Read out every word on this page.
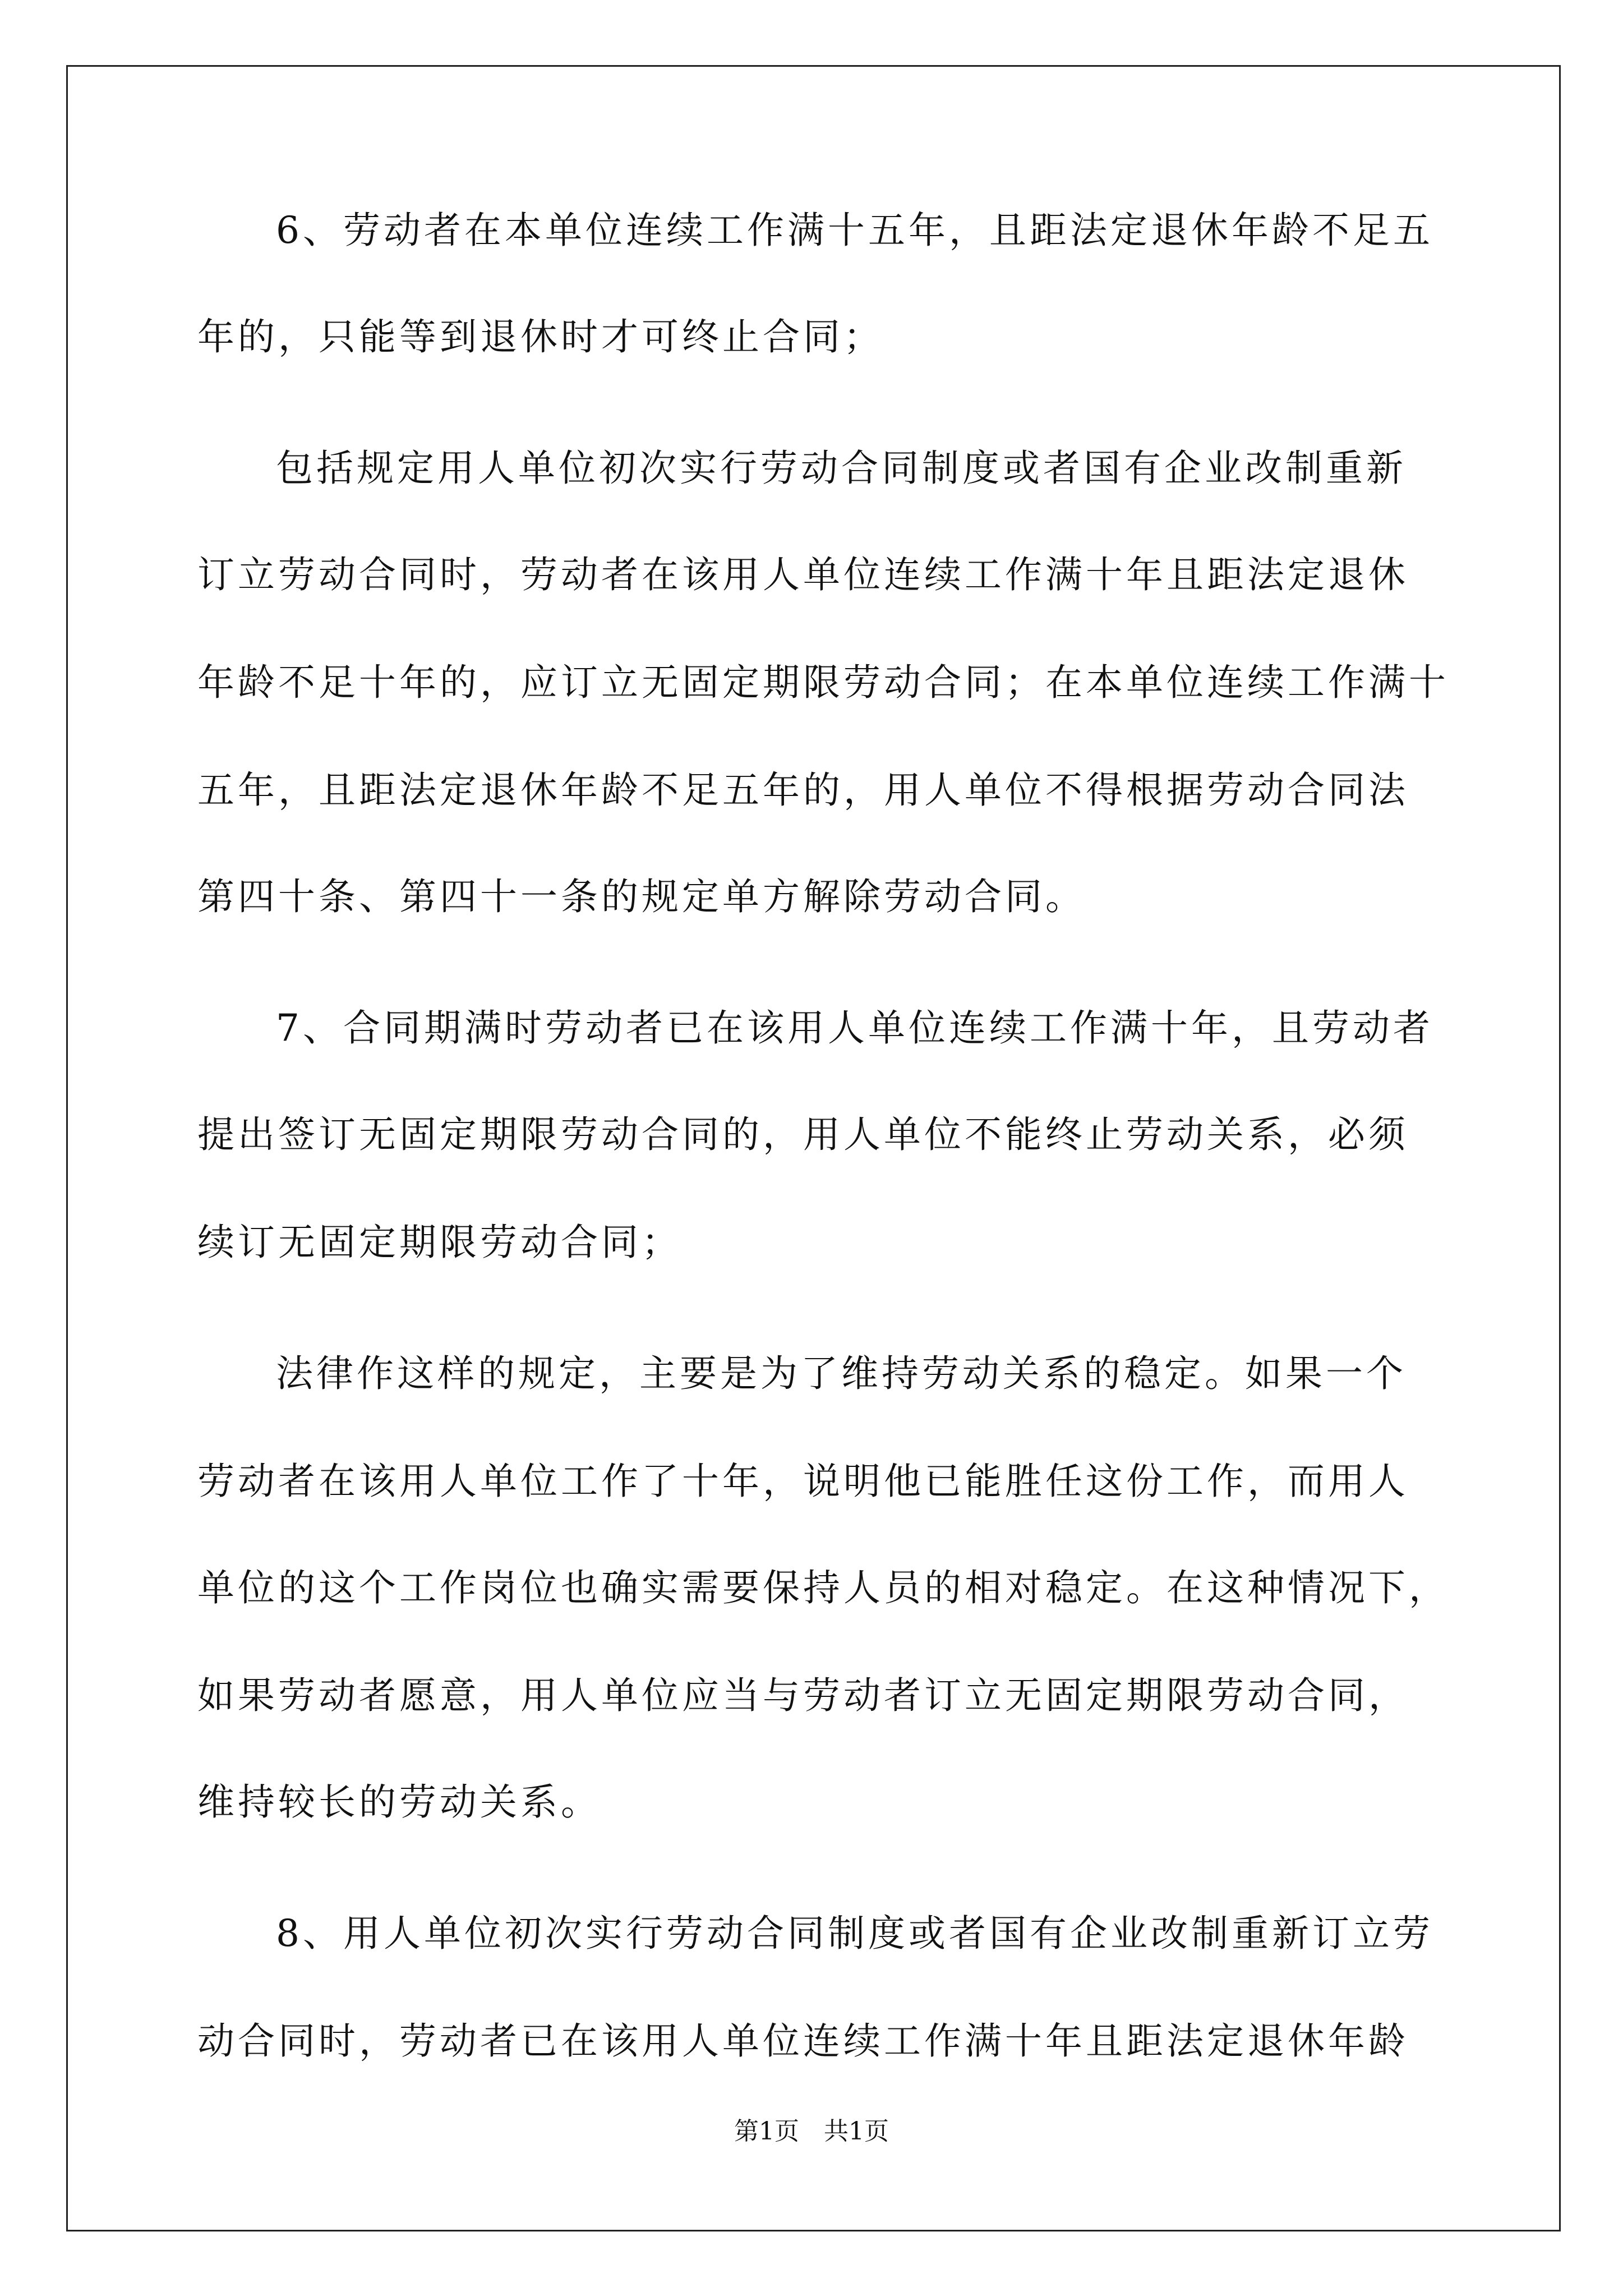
6、劳动者在本单位连续工作满十五年，且距法定退休年龄不足五
年的，只能等到退休时才可终止合同；
包括规定用人单位初次实行劳动合同制度或者国有企业改制重新
订立劳动合同时，劳动者在该用人单位连续工作满十年且距法定退休
年龄不足十年的，应订立无固定期限劳动合同；在本单位连续工作满十
五年，且距法定退休年龄不足五年的，用人单位不得根据劳动合同法
第四十条、第四十一条的规定单方解除劳动合同。
7、合同期满时劳动者已在该用人单位连续工作满十年，且劳动者
提出签订无固定期限劳动合同的，用人单位不能终止劳动关系，必须
续订无固定期限劳动合同；
法律作这样的规定，主要是为了维持劳动关系的稳定。如果一个
劳动者在该用人单位工作了十年，说明他已能胜任这份工作，而用人
单位的这个工作岗位也确实需要保持人员的相对稳定。在这种情况下，
如果劳动者愿意，用人单位应当与劳动者订立无固定期限劳动合同，
维持较长的劳动关系。
8、用人单位初次实行劳动合同制度或者国有企业改制重新订立劳
动合同时，劳动者已在该用人单位连续工作满十年且距法定退休年龄
第1页　共1页
